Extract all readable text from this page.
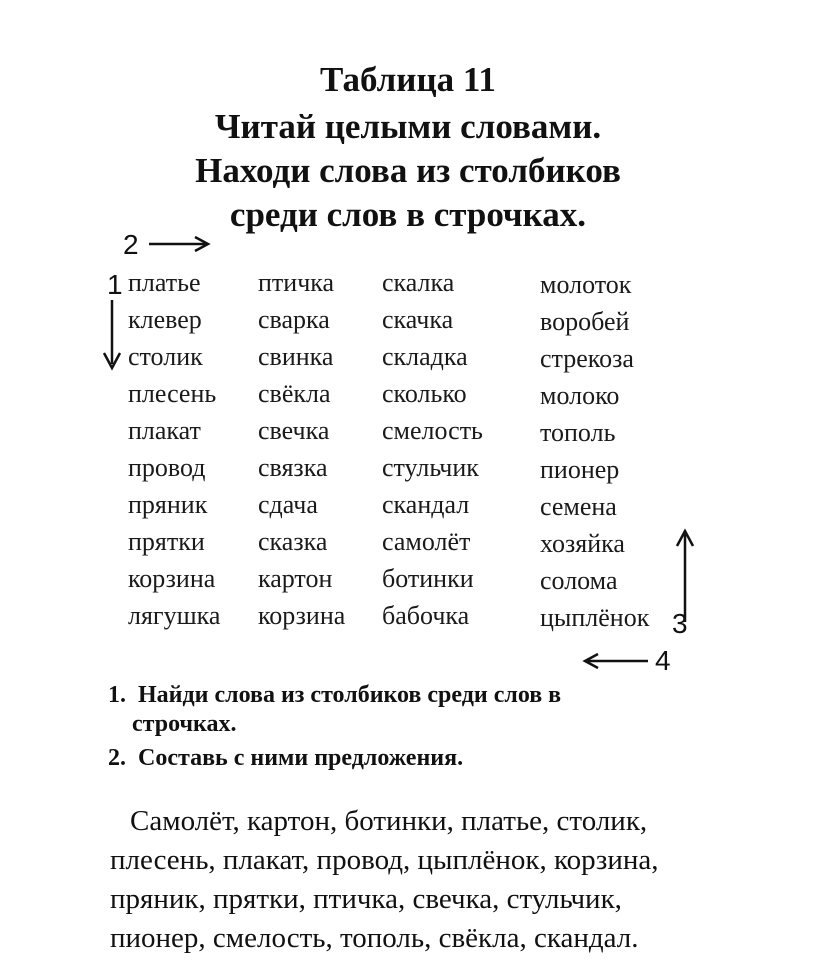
Таблица 11
Читай целыми словами.
Находи слова из столбиков
среди слов в строчках.
2
1
3
4
платье
клевер
столик
плесень
плакат
провод
пряник
прятки
корзина
лягушка
птичка
сварка
свинка
свёкла
свечка
связка
сдача
сказка
картон
корзина
скалка
скачка
складка
сколько
смелость
стульчик
скандал
самолёт
ботинки
бабочка
молоток
воробей
стрекоза
молоко
тополь
пионер
семена
хозяйка
солома
цыплёнок
1. Найди слова из столбиков среди слов в
строчках.
2. Составь с ними предложения.
Самолёт, картон, ботинки, платье, столик,
плесень, плакат, провод, цыплёнок, корзина,
пряник, прятки, птичка, свечка, стульчик,
пионер, смелость, тополь, свёкла, скандал.
